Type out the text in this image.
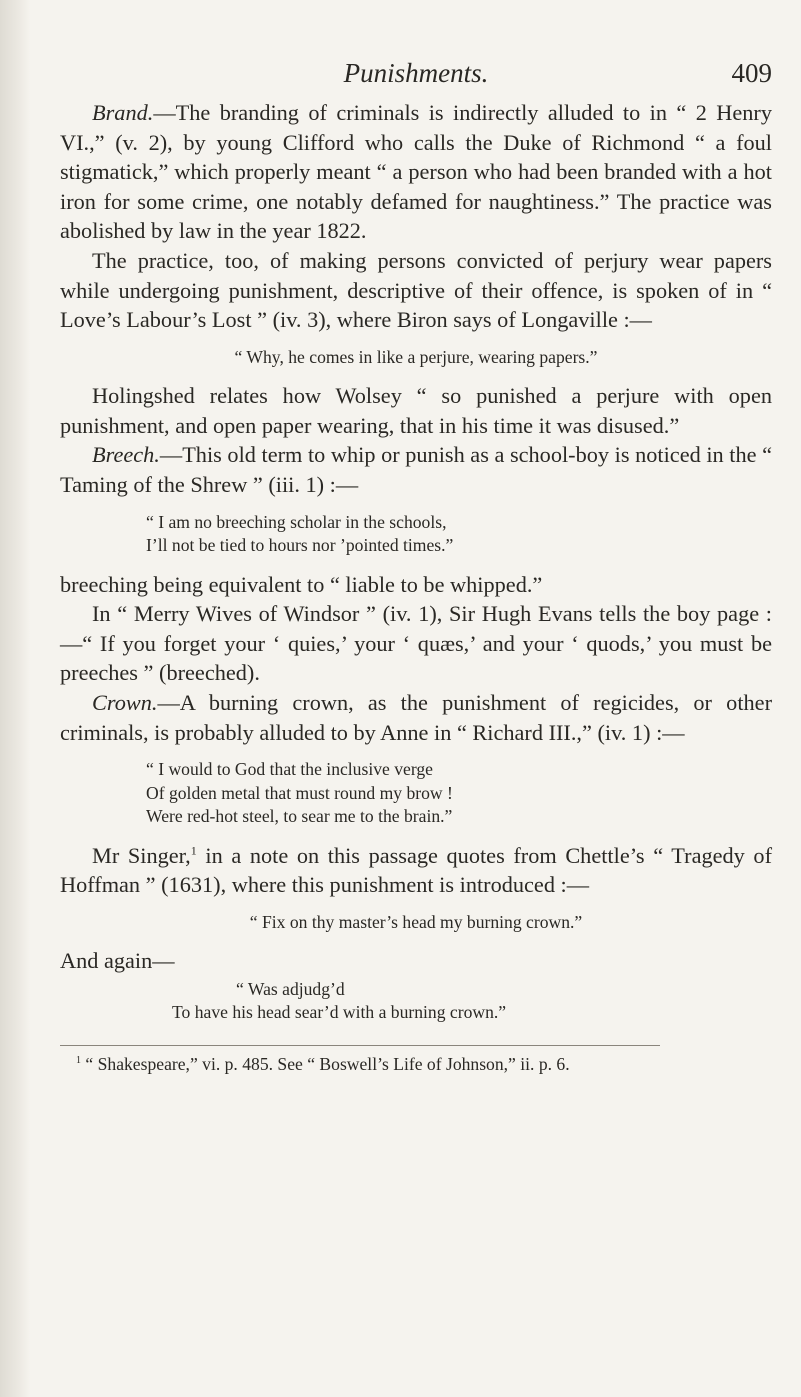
Punishments.	409

Brand.—The branding of criminals is indirectly alluded to in “ 2 Henry VI.,” (v. 2), by young Clifford who calls the Duke of Richmond “ a foul stigmatick,” which properly meant “ a person who had been branded with a hot iron for some crime, one notably defamed for naughtiness.” The practice was abolished by law in the year 1822.

The practice, too, of making persons convicted of perjury wear papers while undergoing punishment, descriptive of their offence, is spoken of in “ Love’s Labour’s Lost ” (iv. 3), where Biron says of Longaville :—

“ Why, he comes in like a perjure, wearing papers.”

Holingshed relates how Wolsey “ so punished a perjure with open punishment, and open paper wearing, that in his time it was disused.”

Breech.—This old term to whip or punish as a school-boy is noticed in the “ Taming of the Shrew ” (iii. 1) :—

“ I am no breeching scholar in the schools,
I’ll not be tied to hours nor ’pointed times.”

breeching being equivalent to “ liable to be whipped.”

In “ Merry Wives of Windsor ” (iv. 1), Sir Hugh Evans tells the boy page :—“ If you forget your ‘ quies,’ your ‘ quæs,’ and your ‘ quods,’ you must be preeches ” (breeched).

Crown.—A burning crown, as the punishment of regicides, or other criminals, is probably alluded to by Anne in “ Richard III.,” (iv. 1) :—

“ I would to God that the inclusive verge
Of golden metal that must round my brow !
Were red-hot steel, to sear me to the brain.”

Mr Singer,$^1$ in a note on this passage quotes from Chettle’s “ Tragedy of Hoffman ” (1631), where this punishment is introduced :—

“ Fix on thy master’s head my burning crown.”

And again—

“ Was adjudg’d
To have his head sear’d with a burning crown.”
$^1$ “ Shakespeare,” vi. p. 485. See “ Boswell’s Life of Johnson,” ii. p. 6.
